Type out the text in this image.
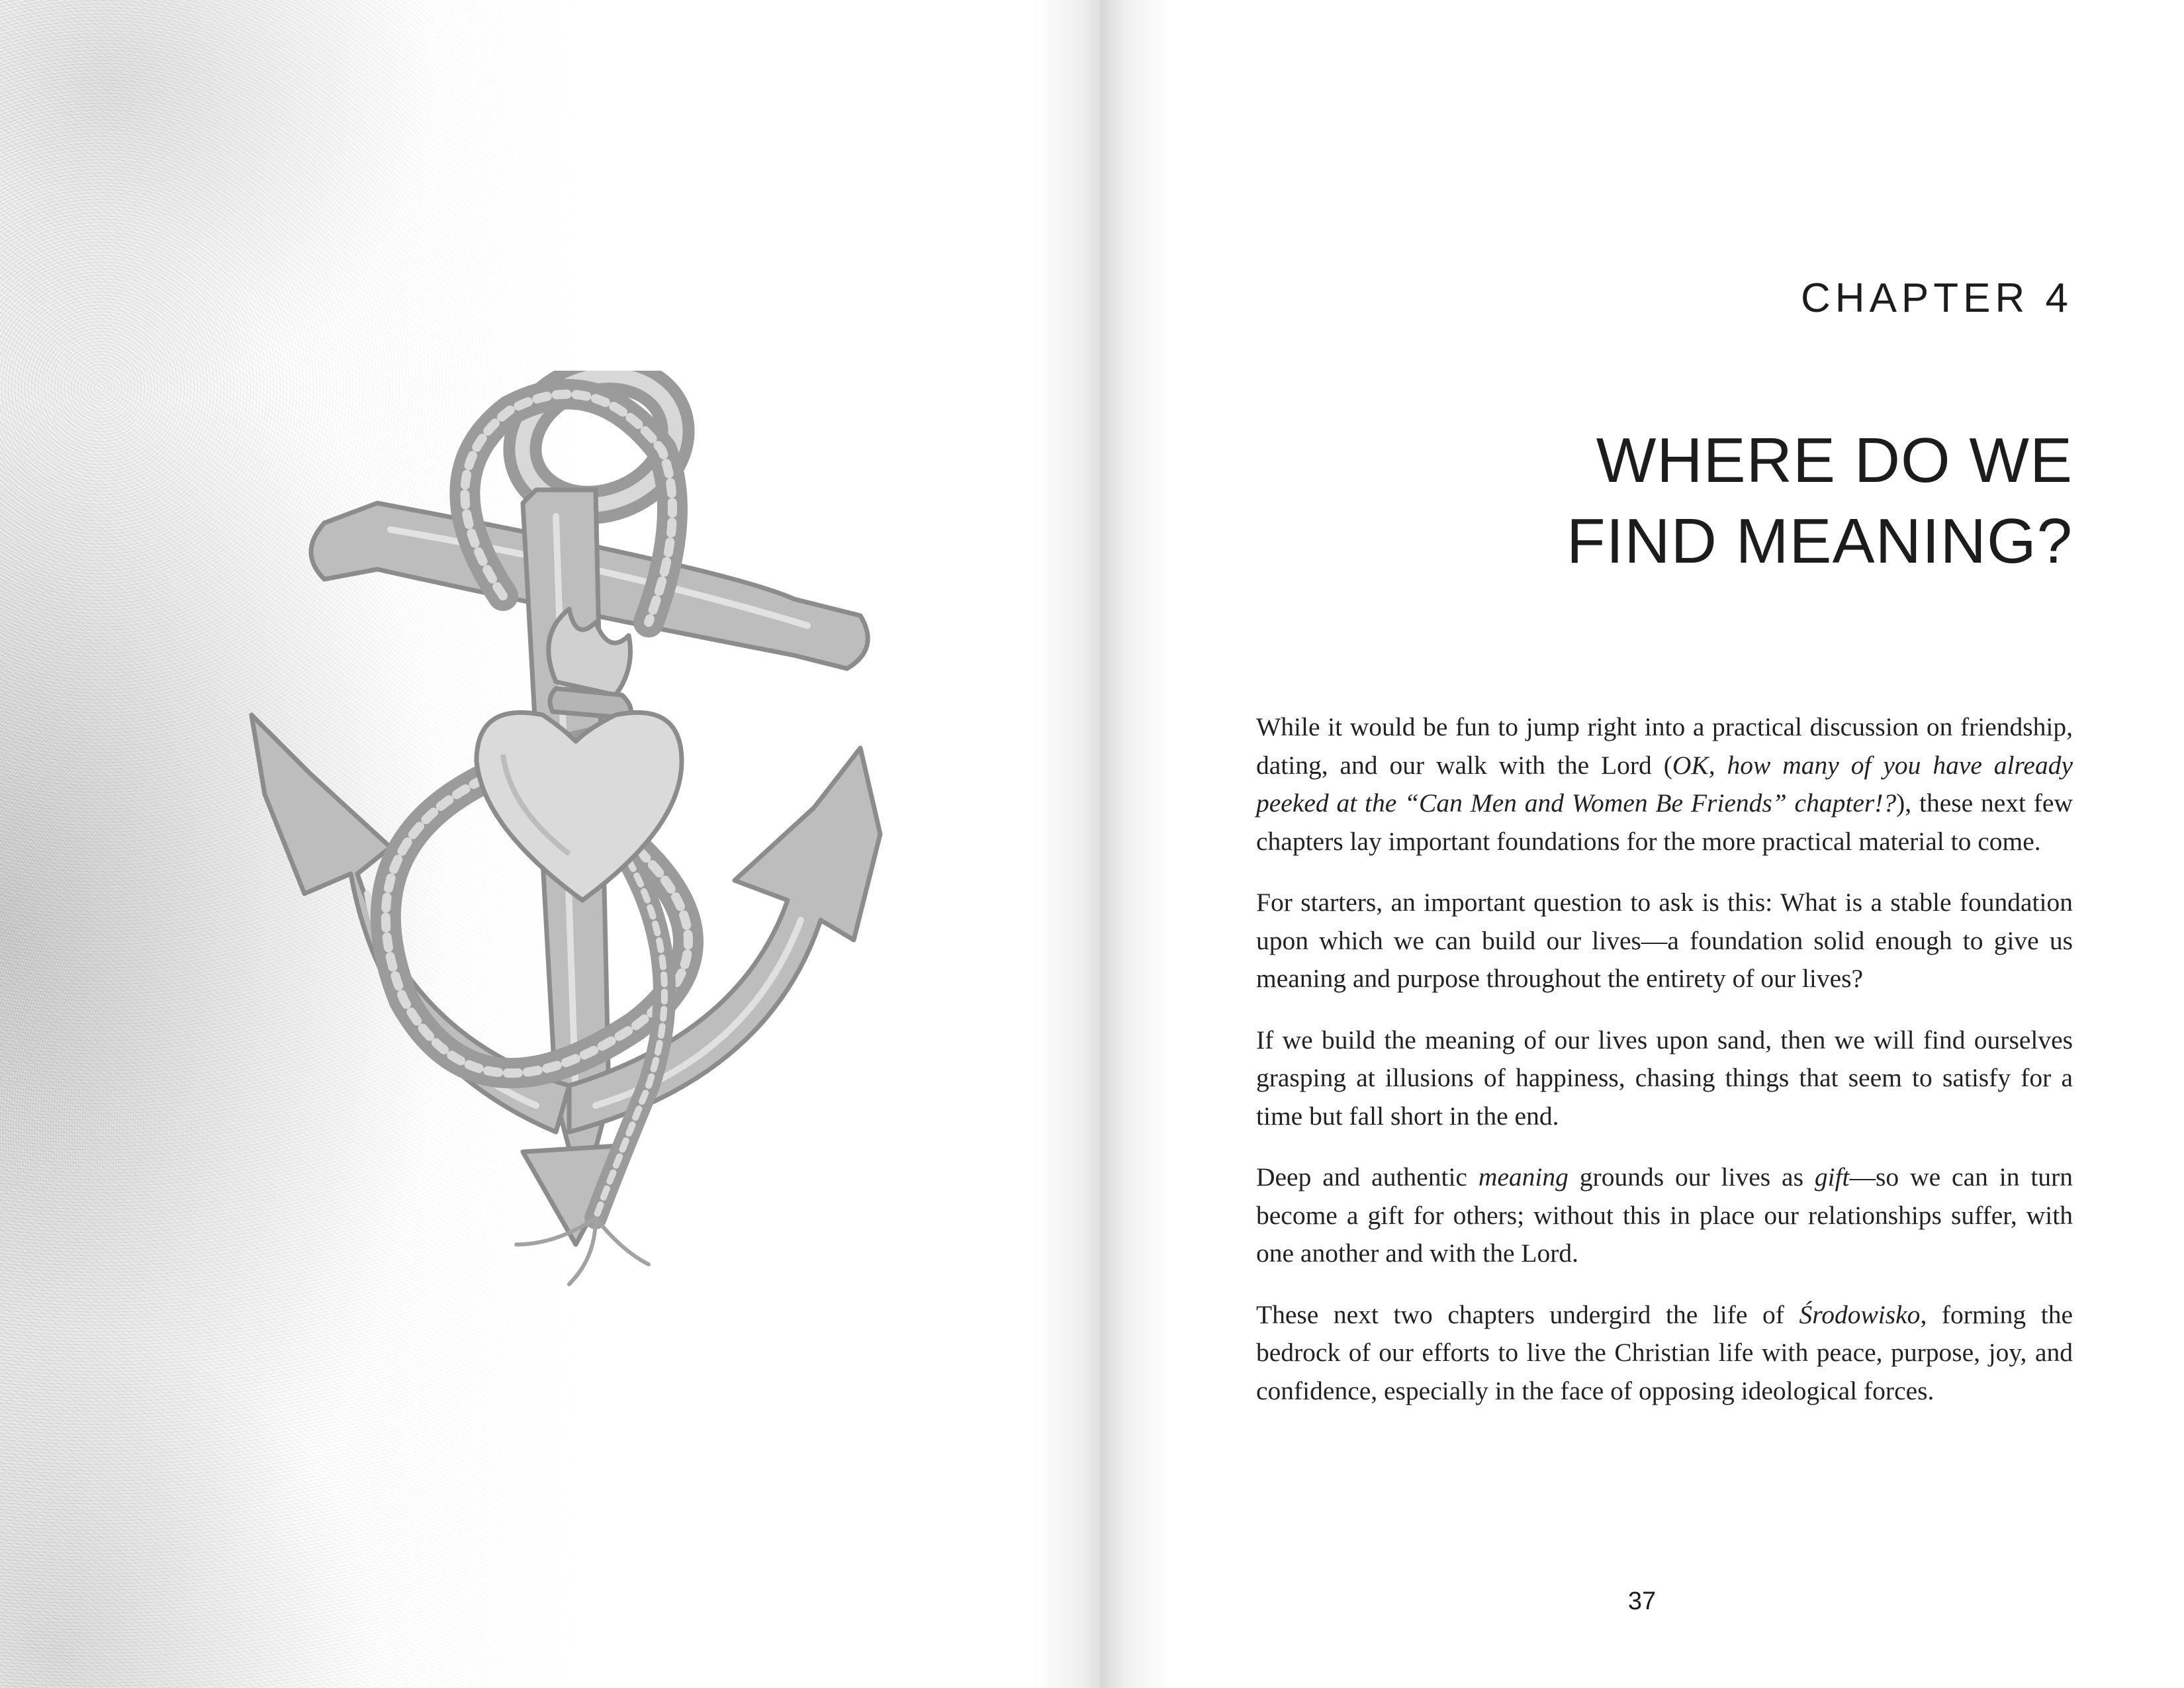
CHAPTER 4
WHERE DO WE
FIND MEANING?

While it would be fun to jump right into a practical discussion on friendship, dating, and our walk with the Lord (OK, how many of you have already peeked at the “Can Men and Women Be Friends” chapter!?), these next few chapters lay important foundations for the more practical material to come.

For starters, an important question to ask is this: What is a stable foundation upon which we can build our lives—a foundation solid enough to give us meaning and purpose throughout the entirety of our lives?

If we build the meaning of our lives upon sand, then we will find ourselves grasping at illusions of happiness, chasing things that seem to satisfy for a time but fall short in the end.

Deep and authentic meaning grounds our lives as gift—so we can in turn become a gift for others; without this in place our relationships suffer, with one another and with the Lord.

These next two chapters undergird the life of Środowisko, forming the bedrock of our efforts to live the Christian life with peace, purpose, joy, and confidence, especially in the face of opposing ideological forces.

37
